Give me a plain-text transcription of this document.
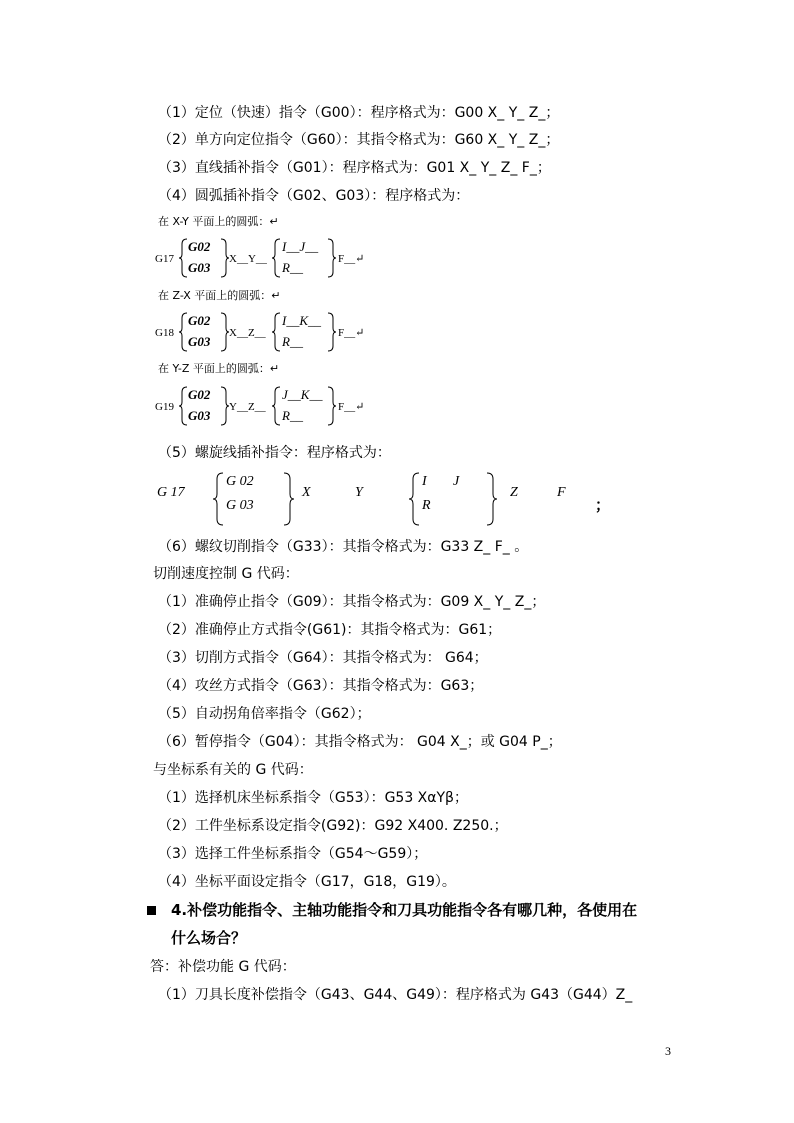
（1）定位（快速）指令（G00）：程序格式为：G00 X_ Y_ Z_；
（2）单方向定位指令（G60）：其指令格式为：G60 X_ Y_ Z_；
（3）直线插补指令（G01）：程序格式为：G01 X_ Y_ Z_ F_；
（4）圆弧插补指令（G02、G03）：程序格式为：
在 X-Y 平面上的圆弧：↵
G17
G02
G03
X__Y__
I__J__
R__
F__↵
在 Z-X 平面上的圆弧：↵
G18
G02
G03
X__Z__
I__K__
R__
F__↵
在 Y-Z 平面上的圆弧：↵
G19
G02
G03
Y__Z__
J__K__
R__
F__↵
（5）螺旋线插补指令：程序格式为：
G 17
G 02
G 03
X	Y
I J
R
Z	F
；
（6）螺纹切削指令（G33）：其指令格式为：G33 Z_ F_ 。
切削速度控制 G 代码：
（1）准确停止指令（G09）：其指令格式为：G09 X_ Y_ Z_；
（2）准确停止方式指令(G61)：其指令格式为：G61；
（3）切削方式指令（G64）：其指令格式为： G64；
（4）攻丝方式指令（G63）：其指令格式为：G63；
（5）自动拐角倍率指令（G62）；
（6）暂停指令（G04）：其指令格式为： G04 X_；或 G04 P_；
与坐标系有关的 G 代码：
（1）选择机床坐标系指令（G53）：G53 XαYβ；
（2）工件坐标系设定指令(G92)：G92 X400. Z250.；
（3）选择工件坐标系指令（G54～G59）；
（4）坐标平面设定指令（G17，G18，G19）。
4.补偿功能指令、主轴功能指令和刀具功能指令各有哪几种，各使用在
什么场合？
答：补偿功能 G 代码：
（1）刀具长度补偿指令（G43、G44、G49）：程序格式为 G43（G44）Z_
3
